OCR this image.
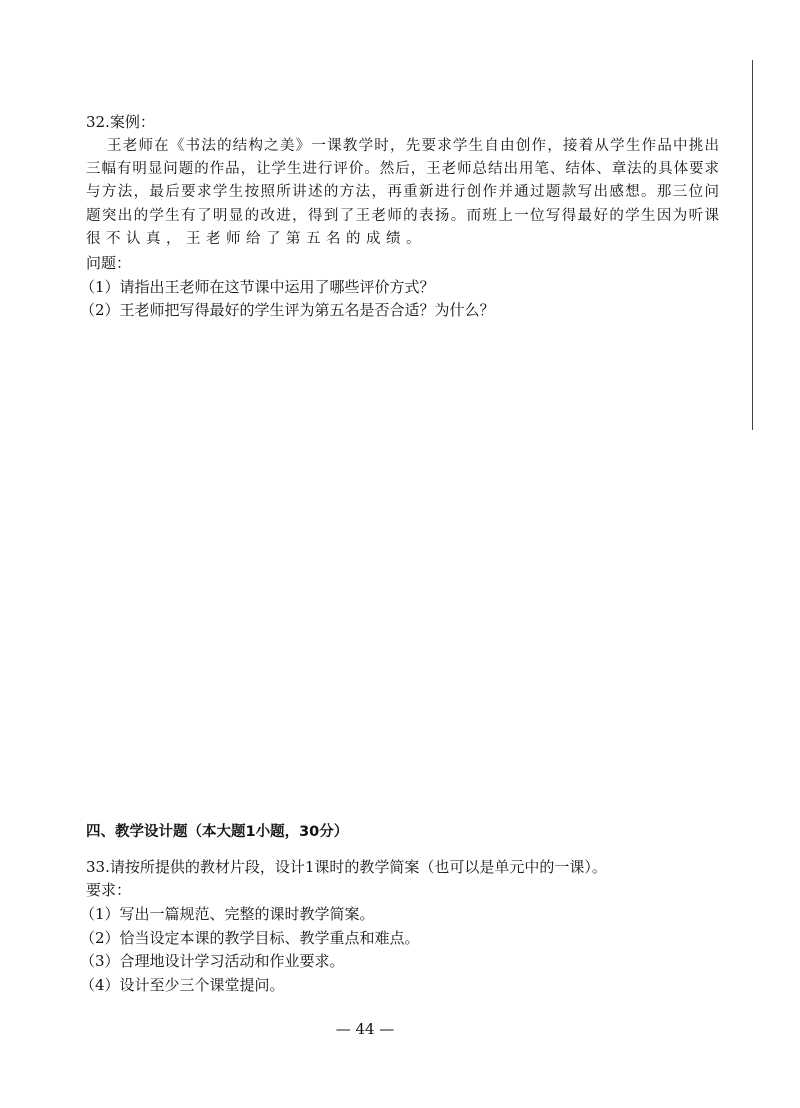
32.案例：
王老师在《书法的结构之美》一课教学时，先要求学生自由创作，接着从学生作品中挑出
三幅有明显问题的作品，让学生进行评价。然后，王老师总结出用笔、结体、章法的具体要求
与方法，最后要求学生按照所讲述的方法，再重新进行创作并通过题款写出感想。那三位问
题突出的学生有了明显的改进，得到了王老师的表扬。而班上一位写得最好的学生因为听课
很不认真，王老师给了第五名的成绩。
问题：
（1）请指出王老师在这节课中运用了哪些评价方式？
（2）王老师把写得最好的学生评为第五名是否合适？为什么？
四、教学设计题（本大题1小题，30分）
33.请按所提供的教材片段，设计1课时的教学简案（也可以是单元中的一课）。
要求：
（1）写出一篇规范、完整的课时教学简案。
（2）恰当设定本课的教学目标、教学重点和难点。
（3）合理地设计学习活动和作业要求。
（4）设计至少三个课堂提问。
— 44 —
